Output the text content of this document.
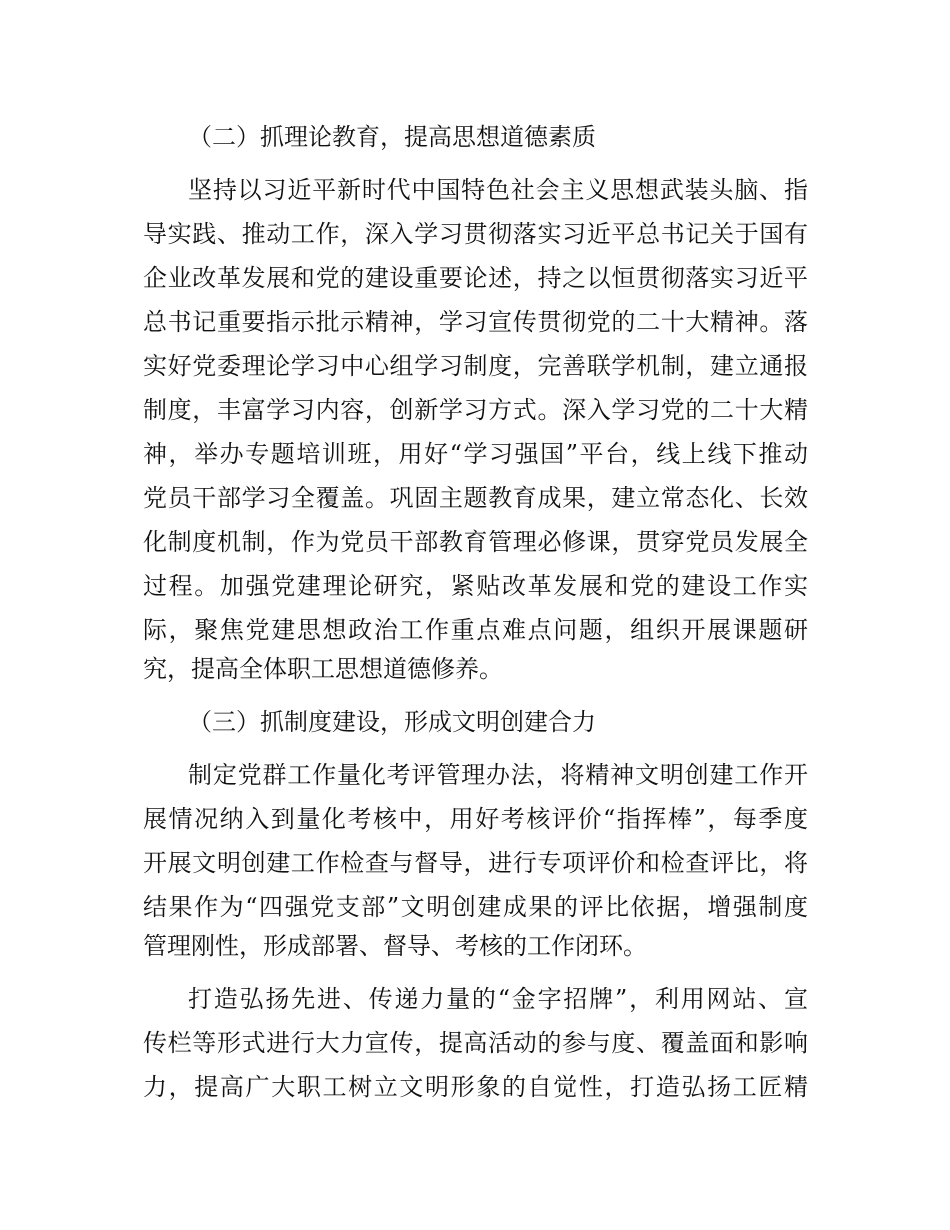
（二）抓理论教育，提高思想道德素质
坚持以习近平新时代中国特色社会主义思想武装头脑、指
导实践、推动工作，深入学习贯彻落实习近平总书记关于国有
企业改革发展和党的建设重要论述，持之以恒贯彻落实习近平
总书记重要指示批示精神，学习宣传贯彻党的二十大精神。落
实好党委理论学习中心组学习制度，完善联学机制，建立通报
制度，丰富学习内容，创新学习方式。深入学习党的二十大精
神，举办专题培训班，用好“学习强国”平台，线上线下推动
党员干部学习全覆盖。巩固主题教育成果，建立常态化、长效
化制度机制，作为党员干部教育管理必修课，贯穿党员发展全
过程。加强党建理论研究，紧贴改革发展和党的建设工作实
际，聚焦党建思想政治工作重点难点问题，组织开展课题研
究，提高全体职工思想道德修养。
（三）抓制度建设，形成文明创建合力
制定党群工作量化考评管理办法，将精神文明创建工作开
展情况纳入到量化考核中，用好考核评价“指挥棒”，每季度
开展文明创建工作检查与督导，进行专项评价和检查评比，将
结果作为“四强党支部”文明创建成果的评比依据，增强制度
管理刚性，形成部署、督导、考核的工作闭环。
打造弘扬先进、传递力量的“金字招牌”，利用网站、宣
传栏等形式进行大力宣传，提高活动的参与度、覆盖面和影响
力，提高广大职工树立文明形象的自觉性，打造弘扬工匠精
